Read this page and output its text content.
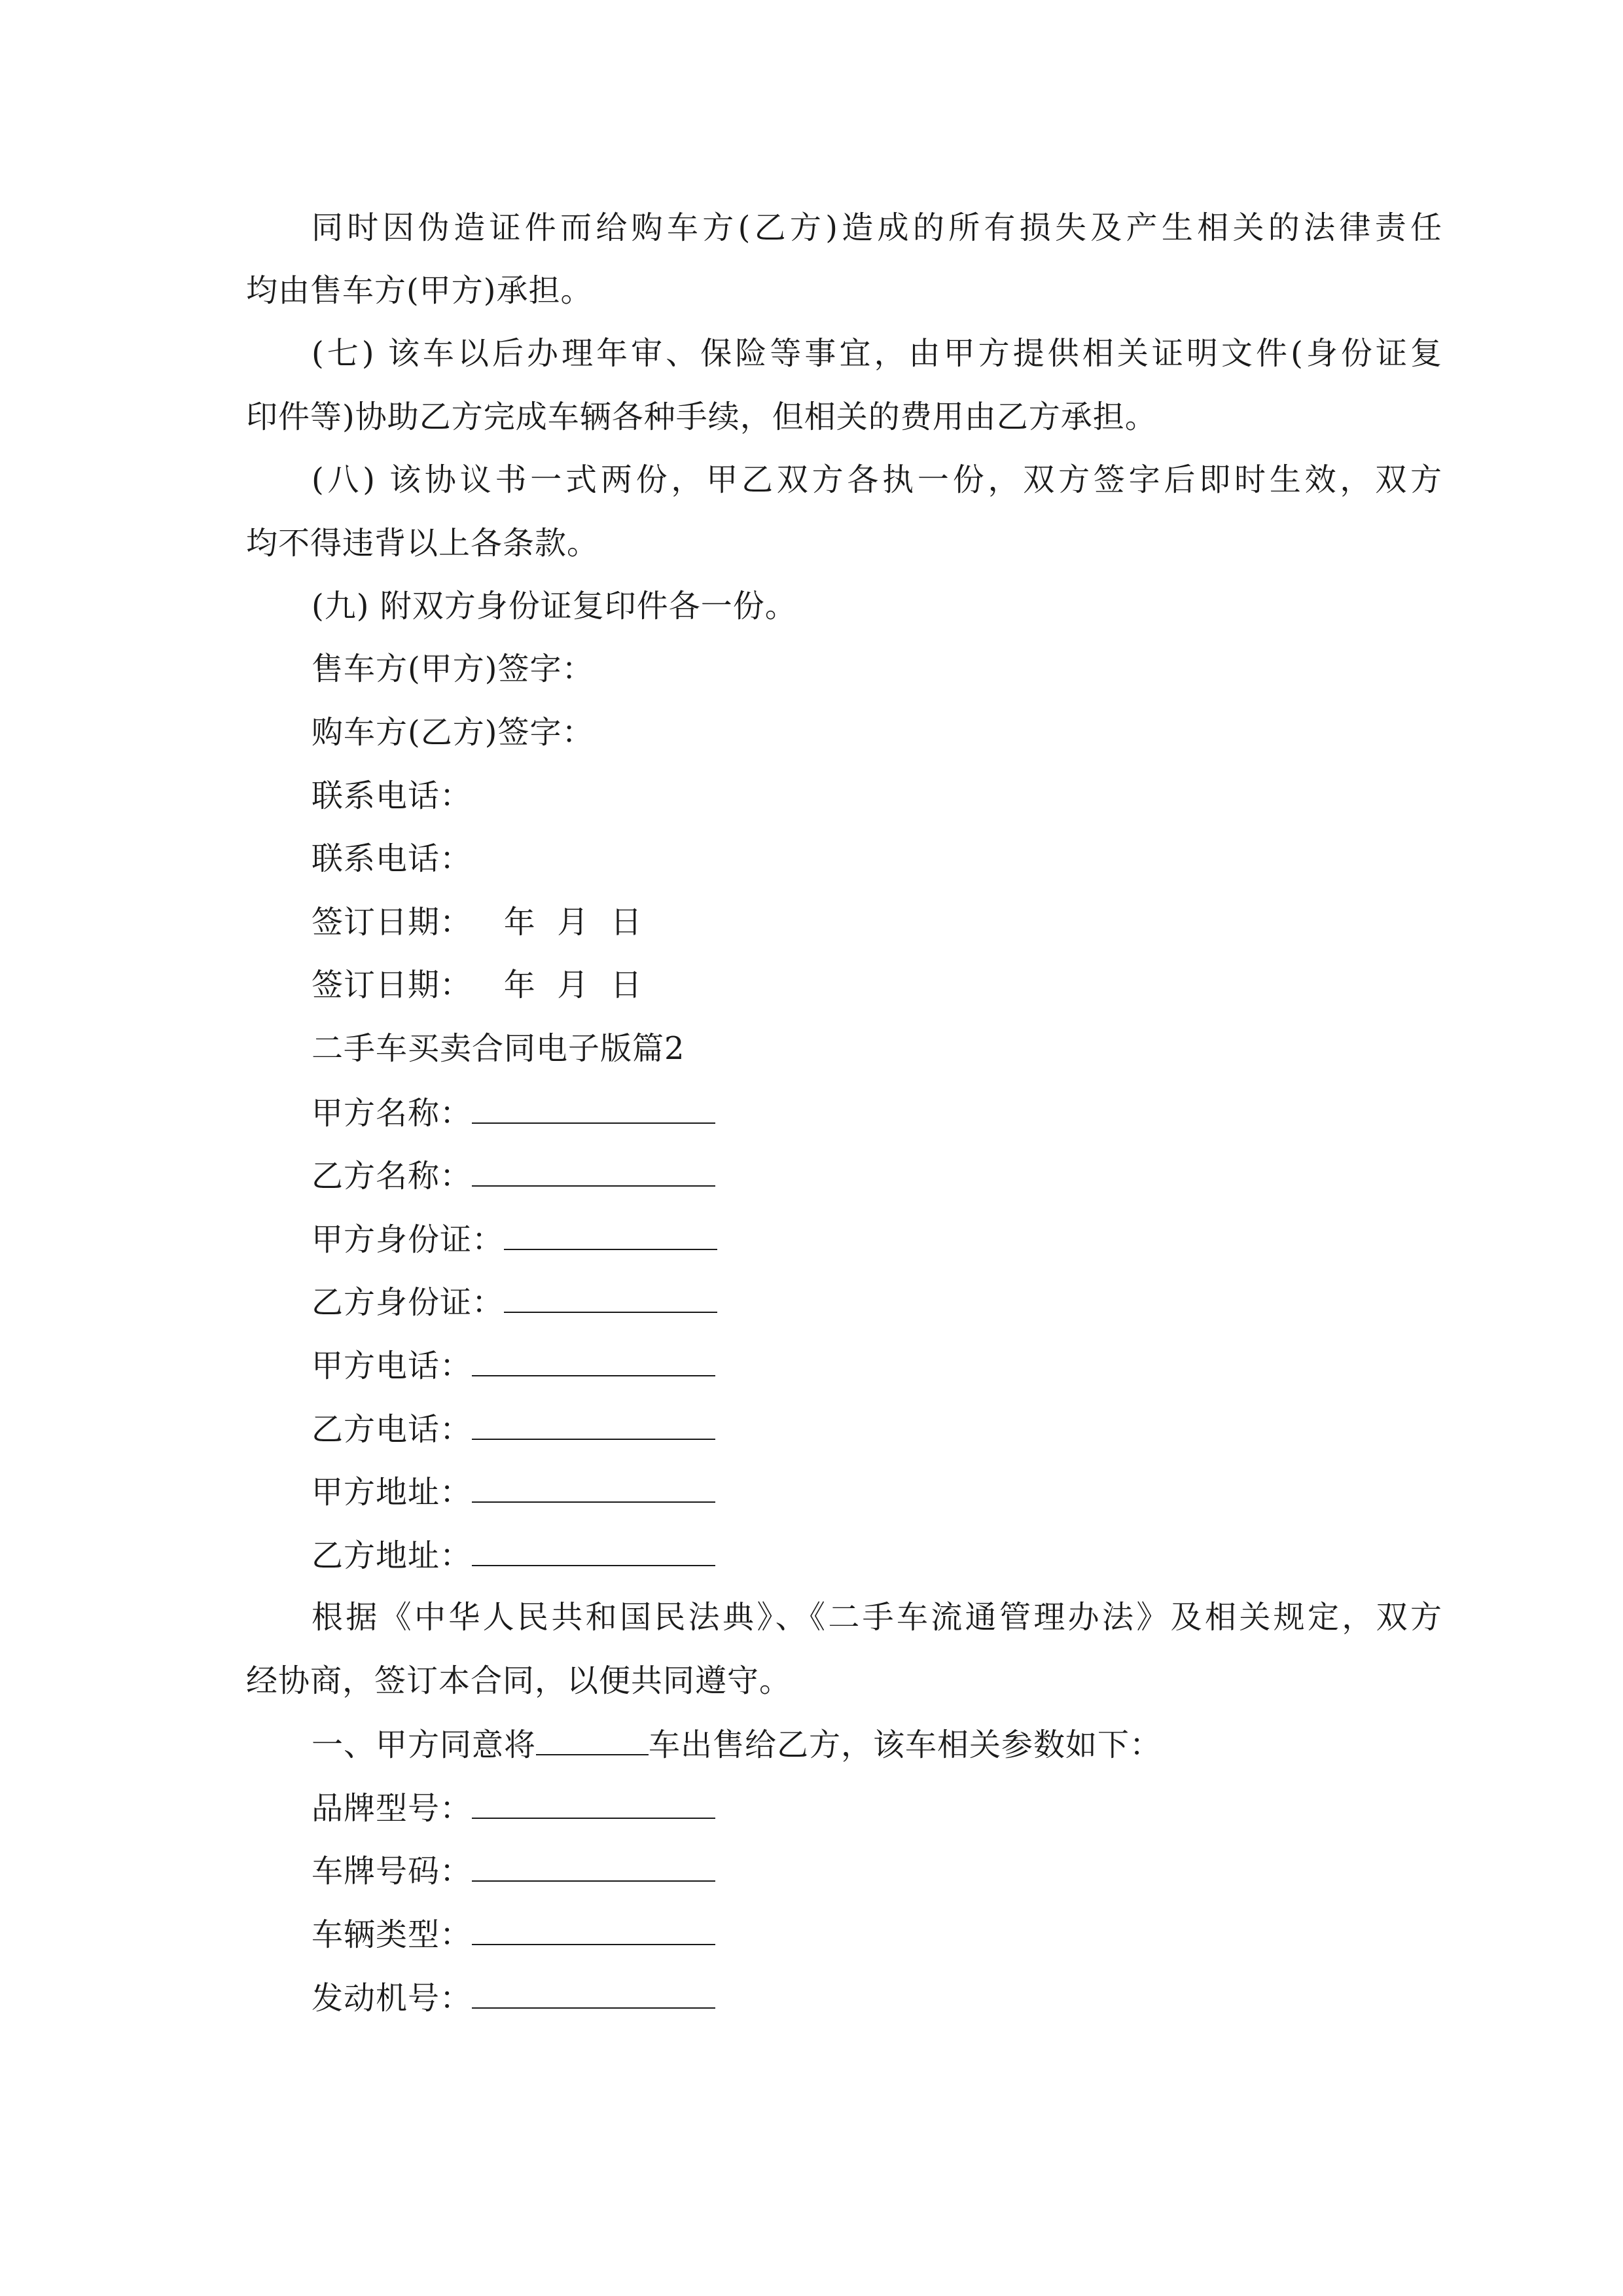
同时因伪造证件而给购车方(乙方)造成的所有损失及产生相关的法律责任
均由售车方(甲方)承担。
(七) 该车以后办理年审、保险等事宜，由甲方提供相关证明文件(身份证复
印件等)协助乙方完成车辆各种手续，但相关的费用由乙方承担。
(八) 该协议书一式两份，甲乙双方各执一份，双方签字后即时生效，双方
均不得违背以上各条款。
(九) 附双方身份证复印件各一份。
售车方(甲方)签字：
购车方(乙方)签字：
联系电话：
联系电话：
签订日期：   年  月  日
签订日期：   年  月  日
二手车买卖合同电子版篇2
甲方名称：
乙方名称：
甲方身份证：
乙方身份证：
甲方电话：
乙方电话：
甲方地址：
乙方地址：
根据《中华人民共和国民法典》、《二手车流通管理办法》及相关规定，双方
经协商，签订本合同，以便共同遵守。
一、甲方同意将	车出售给乙方，该车相关参数如下：
品牌型号：
车牌号码：
车辆类型：
发动机号：
